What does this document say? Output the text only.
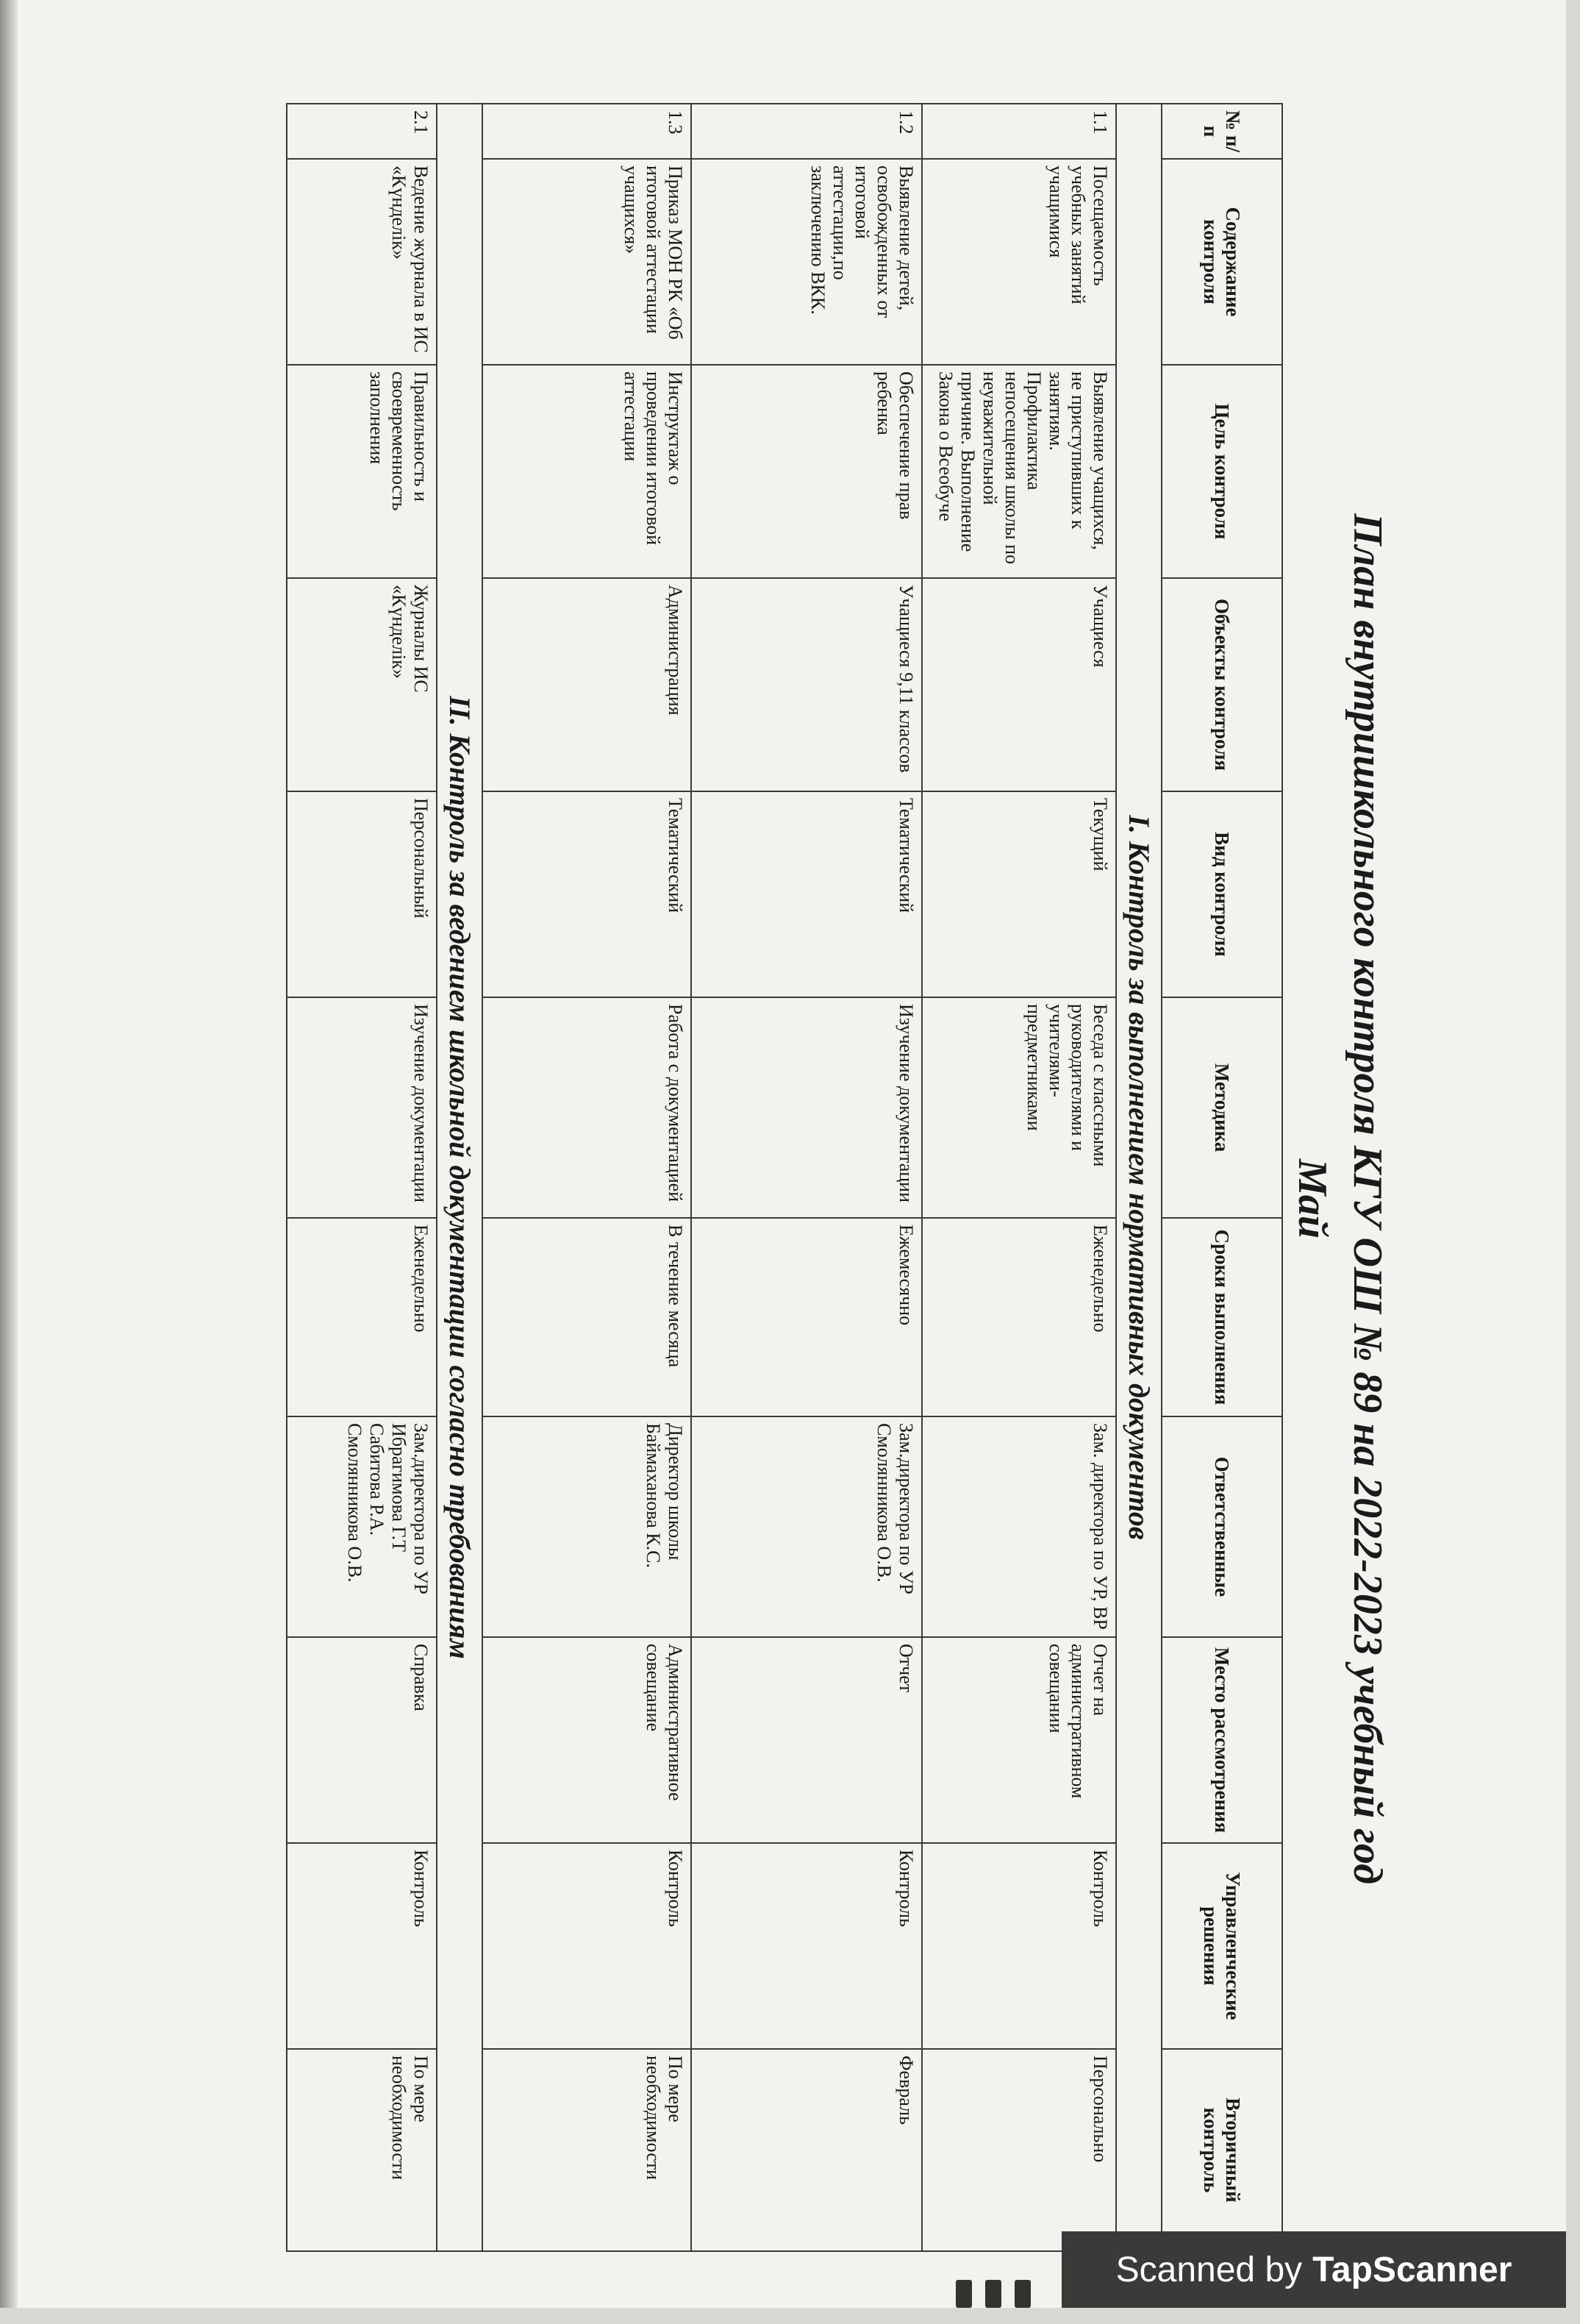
План внутришкольного контроля КГУ ОШ № 89 на 2022-2023 учебный год
Май
№ п/п	Содержание контроля	Цель контроля	Объекты контроля	Вид контроля	Методика	Сроки выполнения	Ответственные	Место рассмотрения	Управленческие решения	Вторичный контроль
I. Контроль за выполнением нормативных документов										
1.1	Посещаемость учебных занятий учащимися	Выявление учащихся, не приступивших к занятиям. Профилактика непосещения школы по неуважительной причине. Выполнение Закона о Всеобуче	Учащиеся	Текущий	Беседа с классными руководителями и учителями-предметниками	Еженедельно	Зам. директора по УР, ВР	Отчет на административном совещании	Контроль	Персонально
1.2	Выявление детей, освобожденных от итоговой аттестации,по заключению ВКК.	Обеспечение прав ребенка	Учащиеся 9,11 классов	Тематический	Изучение документации	Ежемесячно	Зам.директора по УР Смолянникова О.В.	Отчет	Контроль	Февраль
1.3	Приказ МОН РК «Об итоговой аттестации учащихся»	Инструктаж о проведении итоговой аттестации	Администрация	Тематический	Работа с документацией	В течение месяца	Директор школы Баймаханова К.С.	Административное совещание	Контроль	По мере необходимости
II. Контроль за ведением школьной документации согласно требованиям										
2.1	Ведение журнала в ИС «Күнделік»	Правильность и своевременность заполнения	Журналы ИС «Күнделік»	Персональный	Изучение документации	Еженедельно	Зам.директора по УР Ибрагимова Г.Т Сабитова Р.А. Смолянникова О.В.	Справка	Контроль	По мере необходимости
Scanned by TapScanner
